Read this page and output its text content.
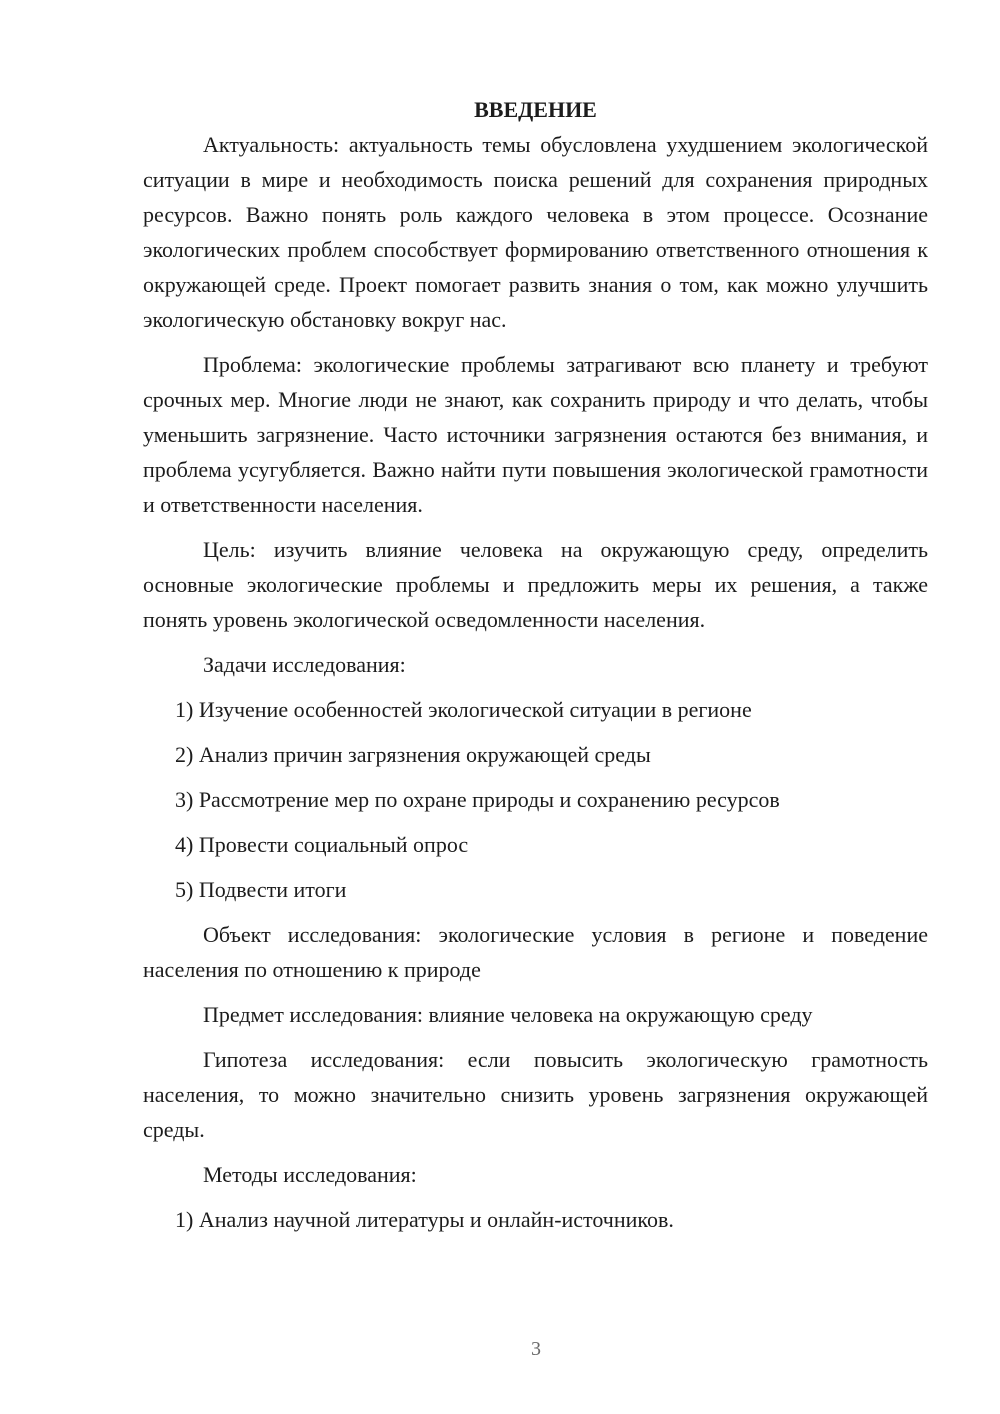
ВВЕДЕНИЕ

Актуальность: актуальность темы обусловлена ухудшением экологической ситуации в мире и необходимость поиска решений для сохранения природных ресурсов. Важно понять роль каждого человека в этом процессе. Осознание экологических проблем способствует формированию ответственного отношения к окружающей среде. Проект помогает развить знания о том, как можно улучшить экологическую обстановку вокруг нас.

Проблема: экологические проблемы затрагивают всю планету и требуют срочных мер. Многие люди не знают, как сохранить природу и что делать, чтобы уменьшить загрязнение. Часто источники загрязнения остаются без внимания, и проблема усугубляется. Важно найти пути повышения экологической грамотности и ответственности населения.

Цель: изучить влияние человека на окружающую среду, определить основные экологические проблемы и предложить меры их решения, а также понять уровень экологической осведомленности населения.

Задачи исследования:

1) Изучение особенностей экологической ситуации в регионе

2) Анализ причин загрязнения окружающей среды

3) Рассмотрение мер по охране природы и сохранению ресурсов

4) Провести социальный опрос

5) Подвести итоги

Объект исследования: экологические условия в регионе и поведение населения по отношению к природе

Предмет исследования: влияние человека на окружающую среду

Гипотеза исследования: если повысить экологическую грамотность населения, то можно значительно снизить уровень загрязнения окружающей среды.

Методы исследования:

1) Анализ научной литературы и онлайн-источников.

3
